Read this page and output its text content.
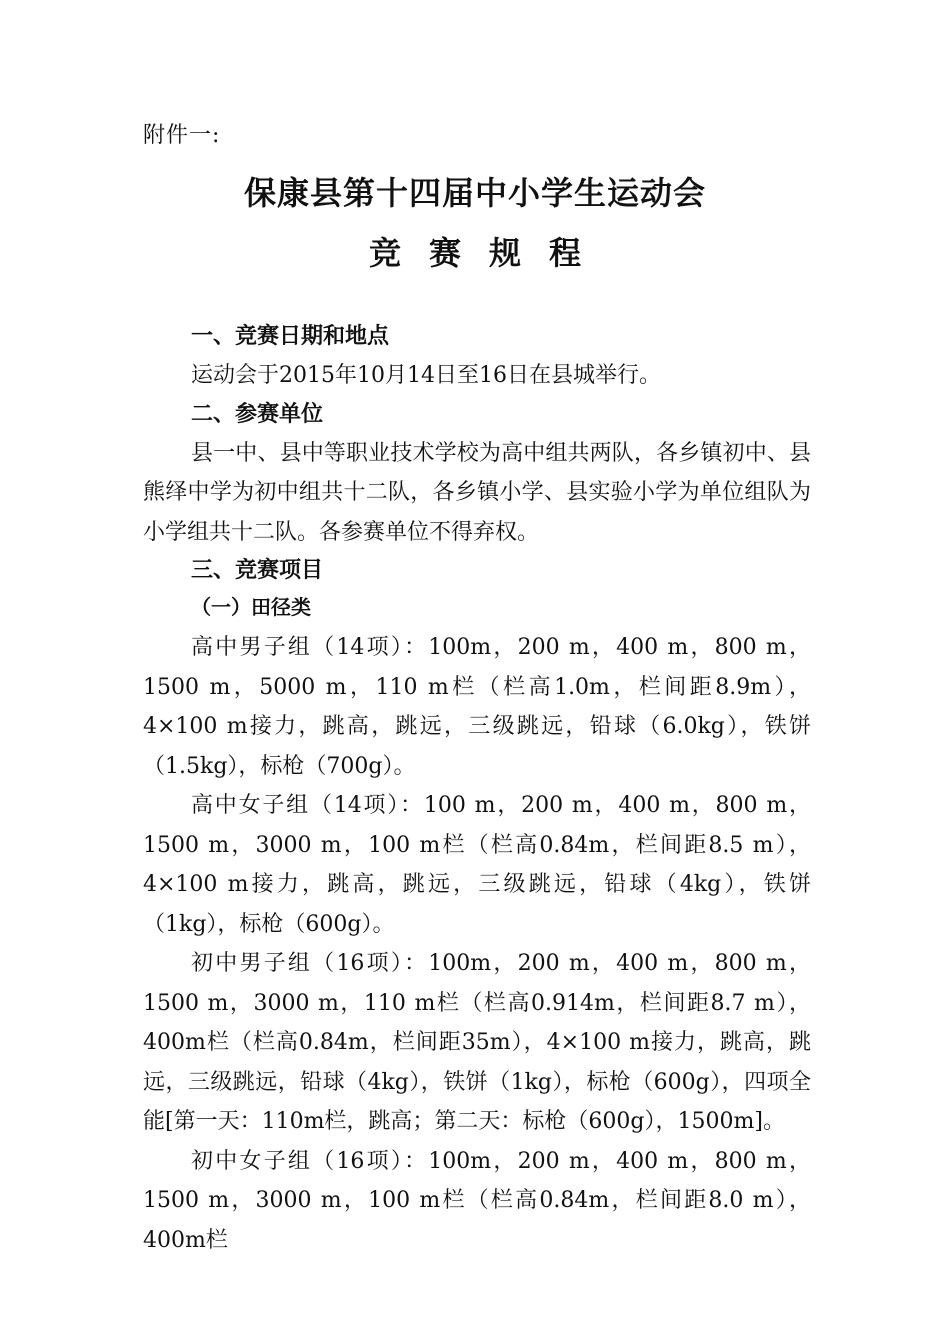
附件一:
保康县第十四届中小学生运动会
竞赛规程
一、竞赛日期和地点
运动会于2015年10月14日至16日在县城举行。
二、参赛单位
县一中、县中等职业技术学校为高中组共两队，各乡镇初中、县熊绎中学为初中组共十二队，各乡镇小学、县实验小学为单位组队为小学组共十二队。各参赛单位不得弃权。
三、竞赛项目
（一）田径类
高中男子组（14项）：100m，200 m，400 m，800 m，1500 m，5000 m，110 m栏（栏高1.0m，栏间距8.9m），4×100 m接力，跳高，跳远，三级跳远，铅球（6.0kg），铁饼（1.5kg），标枪（700g）。
高中女子组（14项）：100 m，200 m，400 m，800 m，1500 m，3000 m，100 m栏（栏高0.84m，栏间距8.5 m），4×100 m接力，跳高，跳远，三级跳远，铅球（4kg），铁饼（1kg），标枪（600g）。
初中男子组（16项）：100m，200 m，400 m，800 m，1500 m，3000 m，110 m栏（栏高0.914m，栏间距8.7 m），400m栏（栏高0.84m，栏间距35m），4×100 m接力，跳高，跳远，三级跳远，铅球（4kg），铁饼（1kg），标枪（600g），四项全能[第一天：110m栏，跳高；第二天：标枪（600g），1500m]。
初中女子组（16项）：100m，200 m，400 m，800 m，1500 m，3000 m，100 m栏（栏高0.84m，栏间距8.0 m），400m栏
